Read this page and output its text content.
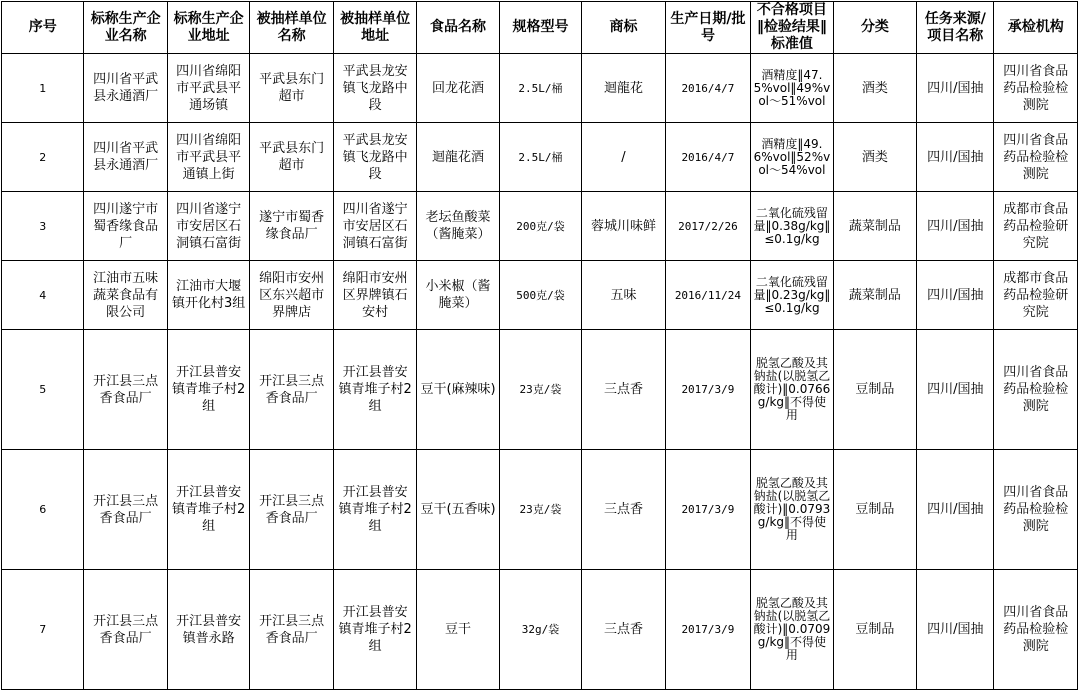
序号	标称生产企业名称	标称生产企业地址	被抽样单位名称	被抽样单位地址	食品名称	规格型号	商标	生产日期/批号	不合格项目‖检验结果‖标准值	分类	任务来源/项目名称	承检机构
1	四川省平武县永通酒厂	四川省绵阳市平武县平通场镇	平武县东门超市	平武县龙安镇飞龙路中段	回龙花酒	2.5L/桶	迴龍花	2016/4/7	酒精度‖47.5%vol‖49%vol～51%vol	酒类	四川/国抽	四川省食品药品检验检测院
2	四川省平武县永通酒厂	四川省绵阳市平武县平通镇上街	平武县东门超市	平武县龙安镇飞龙路中段	迴龍花酒	2.5L/桶	/	2016/4/7	酒精度‖49.6%vol‖52%vol～54%vol	酒类	四川/国抽	四川省食品药品检验检测院
3	四川遂宁市蜀香缘食品厂	四川省遂宁市安居区石洞镇石富街	遂宁市蜀香缘食品厂	四川省遂宁市安居区石洞镇石富街	老坛鱼酸菜（酱腌菜）	200克/袋	蓉城川味鲜	2017/2/26	二氧化硫残留量‖0.38g/kg‖≤0.1g/kg	蔬菜制品	四川/国抽	成都市食品药品检验研究院
4	江油市五味蔬菜食品有限公司	江油市大堰镇开化村3组	绵阳市安州区东兴超市界牌店	绵阳市安州区界牌镇石安村	小米椒（酱腌菜）	500克/袋	五味	2016/11/24	二氧化硫残留量‖0.23g/kg‖≤0.1g/kg	蔬菜制品	四川/国抽	成都市食品药品检验研究院
5	开江县三点香食品厂	开江县普安镇青堆子村2组	开江县三点香食品厂	开江县普安镇青堆子村2组	豆干(麻辣味)	23克/袋	三点香	2017/3/9	脱氢乙酸及其钠盐(以脱氢乙酸计)‖0.0766g/kg‖不得使用	豆制品	四川/国抽	四川省食品药品检验检测院
6	开江县三点香食品厂	开江县普安镇青堆子村2组	开江县三点香食品厂	开江县普安镇青堆子村2组	豆干(五香味)	23克/袋	三点香	2017/3/9	脱氢乙酸及其钠盐(以脱氢乙酸计)‖0.0793g/kg‖不得使用	豆制品	四川/国抽	四川省食品药品检验检测院
7	开江县三点香食品厂	开江县普安镇普永路	开江县三点香食品厂	开江县普安镇青堆子村2组	豆干	32g/袋	三点香	2017/3/9	脱氢乙酸及其钠盐(以脱氢乙酸计)‖0.0709g/kg‖不得使用	豆制品	四川/国抽	四川省食品药品检验检测院
